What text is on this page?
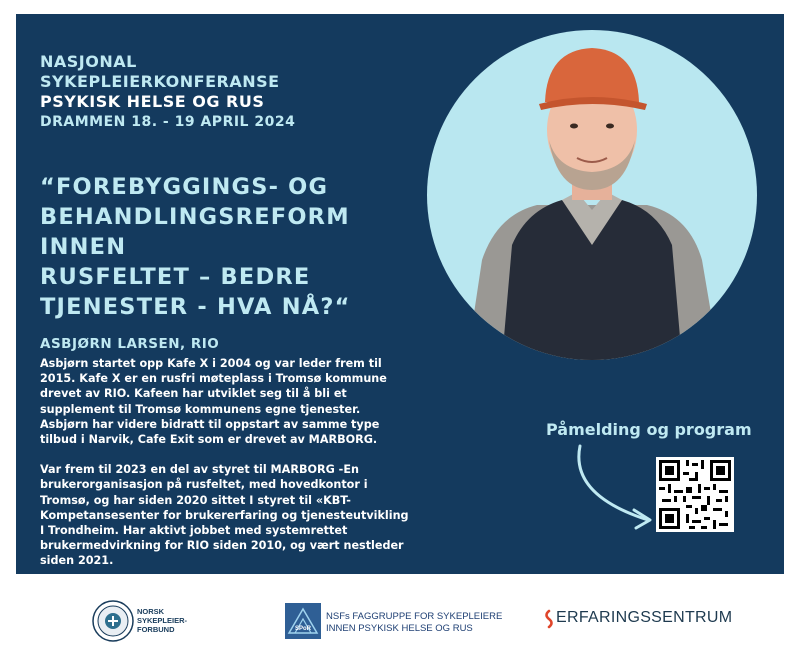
NASJONAL
SYKEPLEIERKONFERANSE
PSYKISK HELSE OG RUS
DRAMMEN 18. - 19 APRIL 2024
“FOREBYGGINGS- OG
BEHANDLINGSREFORM
INNEN
RUSFELTET – BEDRE
TJENESTER - HVA NÅ?“
ASBJØRN LARSEN, RIO

Asbjørn startet opp Kafe X i 2004 og var leder frem til 2015. Kafe X er en rusfri møteplass i Tromsø kommune drevet av RIO. Kafeen har utviklet seg til å bli et supplement til Tromsø kommunens egne tjenester. Asbjørn har videre bidratt til oppstart av samme type tilbud i Narvik, Cafe Exit som er drevet av MARBORG.

Var frem til 2023 en del av styret til MARBORG -En brukerorganisasjon på rusfeltet, med hovedkontor i Tromsø, og har siden 2020 sittet I styret til «KBT-Kompetansesenter for brukererfaring og tjenesteutvikling I Trondheim. Har aktivt jobbet med systemrettet brukermedvirkning for RIO siden 2010, og vært nestleder siden 2021.

Påmelding og program
NORSK
SYKEPLEIER-
FORBUND	SPoR
NSFs FAGGRUPPE FOR SYKEPLEIERE
INNEN PSYKISK HELSE OG RUS
ERFARINGSSENTRUM
